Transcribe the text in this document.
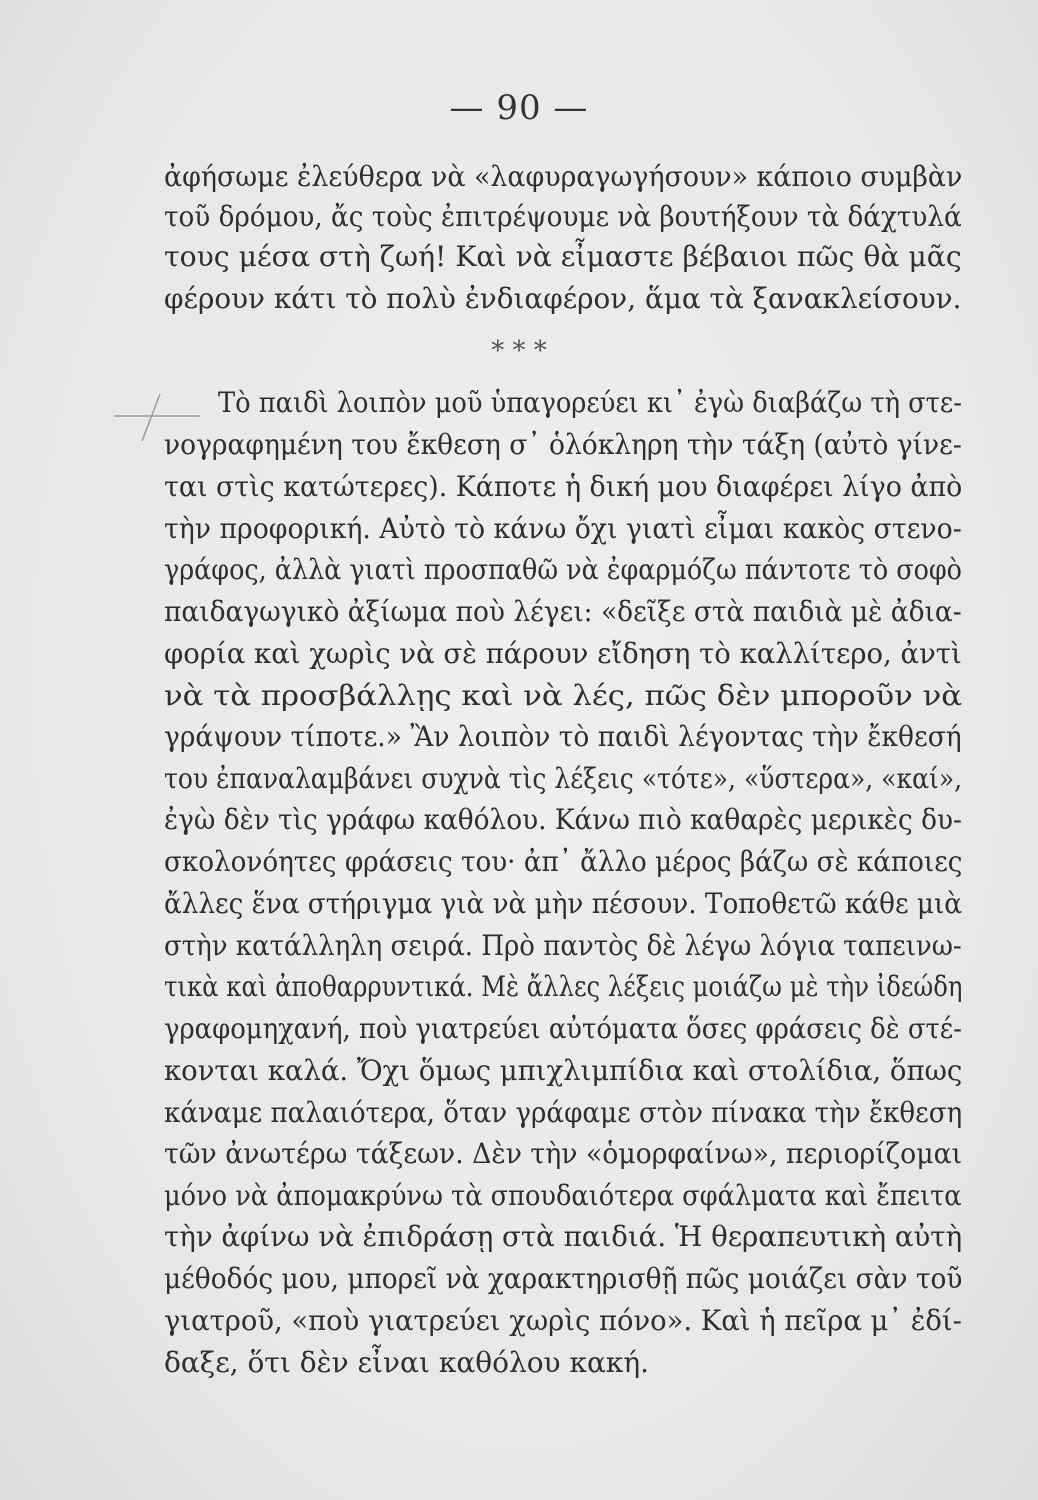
— 90 —
ἀφήσωμε ἐλεύθερα νὰ «λαφυραγωγήσουν» κάποιο συμβὰν
τοῦ δρόμου, ἄς τοὺς ἐπιτρέψουμε νὰ βουτήξουν τὰ δάχτυλά
τους μέσα στὴ ζωή! Καὶ νὰ εἶμαστε βέβαιοι πῶς θὰ μᾶς
φέρουν κάτι τὸ πολὺ ἐνδιαφέρον, ἅμα τὰ ξανακλείσουν.
* * *
Τὸ παιδὶ λοιπὸν μοῦ ὑπαγορεύει κι᾽ ἐγὼ διαβάζω τὴ στε-
νογραφημένη του ἔκθεση σ᾽ ὁλόκληρη τὴν τάξη (αὐτὸ γίνε-
ται στὶς κατώτερες). Κάποτε ἡ δική μου διαφέρει λίγο ἀπὸ
τὴν προφορική. Αὐτὸ τὸ κάνω ὄχι γιατὶ εἶμαι κακὸς στενο-
γράφος, ἀλλὰ γιατὶ προσπαθῶ νὰ ἐφαρμόζω πάντοτε τὸ σοφὸ
παιδαγωγικὸ ἀξίωμα ποὺ λέγει: «δεῖξε στὰ παιδιὰ μὲ ἀδια-
φορία καὶ χωρὶς νὰ σὲ πάρουν εἴδηση τὸ καλλίτερο, ἀντὶ
νὰ τὰ προσβάλλῃς καὶ νὰ λές, πῶς δὲν μποροῦν νὰ
γράψουν τίποτε.» Ἂν λοιπὸν τὸ παιδὶ λέγοντας τὴν ἔκθεσή
του ἐπαναλαμβάνει συχνὰ τὶς λέξεις «τότε», «ὕστερα», «καί»,
ἐγὼ δὲν τὶς γράφω καθόλου. Κάνω πιὸ καθαρὲς μερικὲς δυ-
σκολονόητες φράσεις του· ἀπ᾽ ἄλλο μέρος βάζω σὲ κάποιες
ἄλλες ἕνα στήριγμα γιὰ νὰ μὴν πέσουν. Τοποθετῶ κάθε μιὰ
στὴν κατάλληλη σειρά. Πρὸ παντὸς δὲ λέγω λόγια ταπεινω-
τικὰ καὶ ἀποθαρρυντικά. Μὲ ἄλλες λέξεις μοιάζω μὲ τὴν ἰδεώδη
γραφομηχανή, ποὺ γιατρεύει αὐτόματα ὅσες φράσεις δὲ στέ-
κονται καλά. Ὄχι ὅμως μπιχλιμπίδια καὶ στολίδια, ὅπως
κάναμε παλαιότερα, ὅταν γράφαμε στὸν πίνακα τὴν ἔκθεση
τῶν ἀνωτέρω τάξεων. Δὲν τὴν «ὁμορφαίνω», περιορίζομαι
μόνο νὰ ἀπομακρύνω τὰ σπουδαιότερα σφάλματα καὶ ἔπειτα
τὴν ἀφίνω νὰ ἐπιδράσῃ στὰ παιδιά. Ἡ θεραπευτικὴ αὐτὴ
μέθοδός μου, μπορεῖ νὰ χαρακτηρισθῇ πῶς μοιάζει σὰν τοῦ
γιατροῦ, «ποὺ γιατρεύει χωρὶς πόνο». Καὶ ἡ πεῖρα μ᾽ ἐδί-
δαξε, ὅτι δὲν εἶναι καθόλου κακή.
